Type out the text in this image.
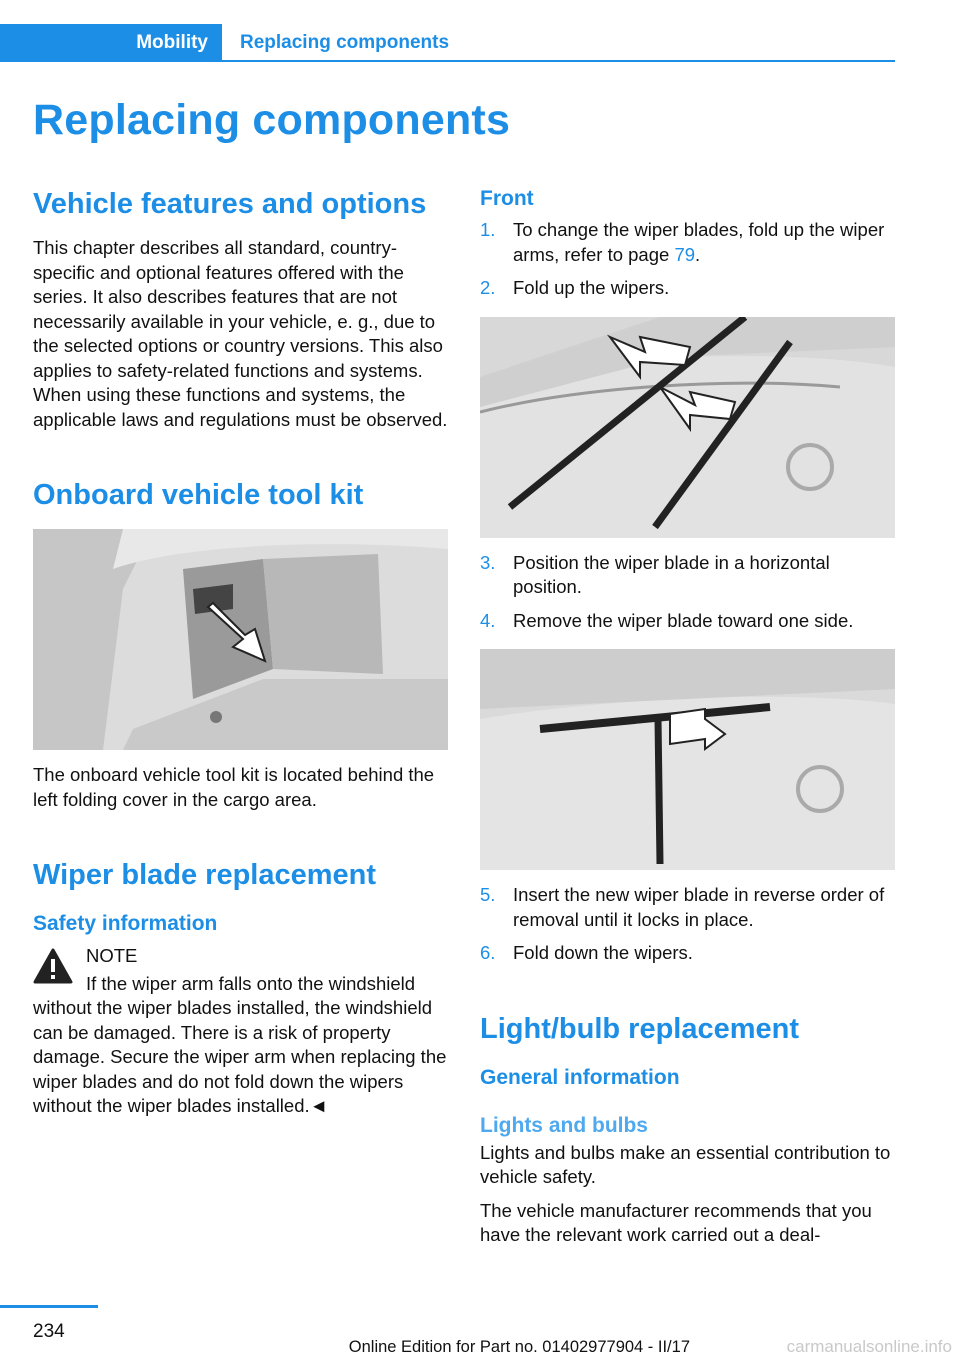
Mobility	Replacing components
Replacing components
Vehicle features and options

This chapter describes all standard, country-specific and optional features offered with the series. It also describes features that are not necessarily available in your vehicle, e. g., due to the selected options or country versions. This also applies to safety-related functions and systems. When using these functions and systems, the applicable laws and regulations must be observed.

Onboard vehicle tool kit

The onboard vehicle tool kit is located behind the left folding cover in the cargo area.

Wiper blade replacement
Safety information

NOTE

If the wiper arm falls onto the windshield without the wiper blades installed, the windshield can be damaged. There is a risk of property damage. Secure the wiper arm when replacing the wiper blades and do not fold down the wipers without the wiper blades installed.◄

Front
1. To change the wiper blades, fold up the wiper arms, refer to page 79.
2. Fold up the wipers.
3. Position the wiper blade in a horizontal position.
4. Remove the wiper blade toward one side.
5. Insert the new wiper blade in reverse order of removal until it locks in place.
6. Fold down the wipers.
Light/bulb replacement
General information
Lights and bulbs

Lights and bulbs make an essential contribution to vehicle safety.

The vehicle manufacturer recommends that you have the relevant work carried out a deal-

234
Online Edition for Part no. 01402977904 - II/17	carmanualsonline.info
